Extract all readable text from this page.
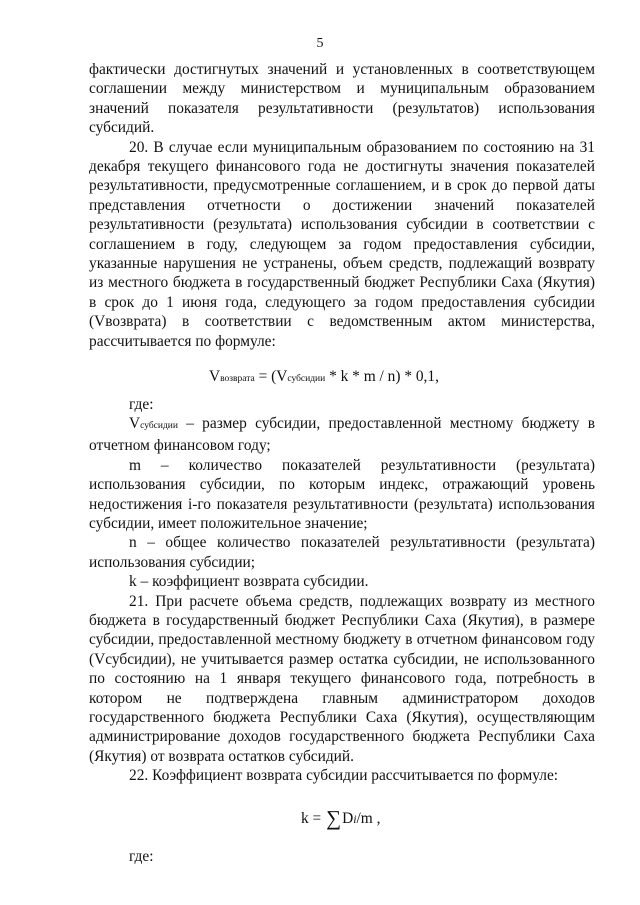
5

фактически достигнутых значений и установленных в соответствующем соглашении между министерством и муниципальным образованием значений показателя результативности (результатов) использования субсидий.

20. В случае если муниципальным образованием по состоянию на 31 декабря текущего финансового года не достигнуты значения показателей результативности, предусмотренные соглашением, и в срок до первой даты представления отчетности о достижении значений показателей результативности (результата) использования субсидии в соответствии с соглашением в году, следующем за годом предоставления субсидии, указанные нарушения не устранены, объем средств, подлежащий возврату из местного бюджета в государственный бюджет Республики Саха (Якутия) в срок до 1 июня года, следующего за годом предоставления субсидии (Vвозврата) в соответствии с ведомственным актом министерства, рассчитывается по формуле:

Vвозврата = (Vсубсидии * k * m / n) * 0,1,

где:

Vсубсидии – размер субсидии, предоставленной местному бюджету в отчетном финансовом году;

m – количество показателей результативности (результата) использования субсидии, по которым индекс, отражающий уровень недостижения i-го показателя результативности (результата) использования субсидии, имеет положительное значение;

n – общее количество показателей результативности (результата) использования субсидии;

k – коэффициент возврата субсидии.

21. При расчете объема средств, подлежащих возврату из местного бюджета в государственный бюджет Республики Саха (Якутия), в размере субсидии, предоставленной местному бюджету в отчетном финансовом году (Vсубсидии), не учитывается размер остатка субсидии, не использованного по состоянию на 1 января текущего финансового года, потребность в котором не подтверждена главным администратором доходов государственного бюджета Республики Саха (Якутия), осуществляющим администрирование доходов государственного бюджета Республики Саха (Якутия) от возврата остатков субсидий.

22. Коэффициент возврата субсидии рассчитывается по формуле:

k = ∑Di/m ,

где:
